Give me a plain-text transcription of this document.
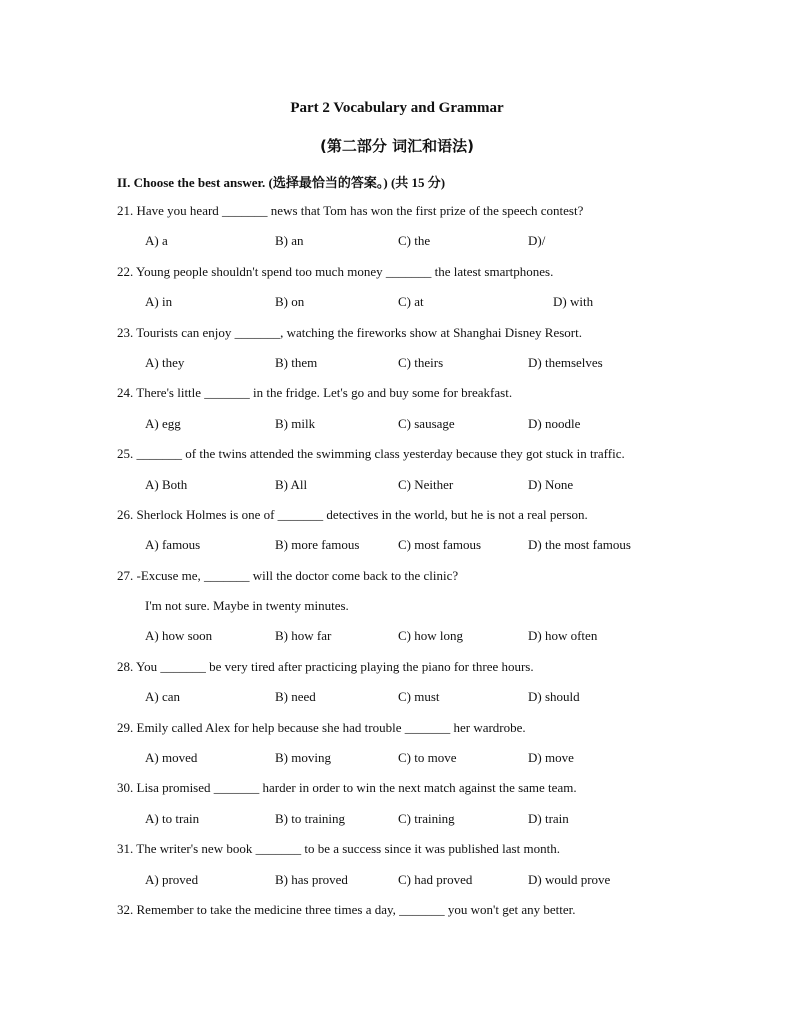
Part 2 Vocabulary and Grammar
(第二部分 词汇和语法)
II. Choose the best answer. (选择最恰当的答案。) (共 15 分)
21. Have you heard _______ news that Tom has won the first prize of the speech contest?
A) a	B) an	C) the	D)/
22. Young people shouldn't spend too much money _______ the latest smartphones.
A) in	B) on	C) at	D) with
23. Tourists can enjoy _______, watching the fireworks show at Shanghai Disney Resort.
A) they	B) them	C) theirs	D) themselves
24. There's little _______ in the fridge. Let's go and buy some for breakfast.
A) egg	B) milk	C) sausage	D) noodle
25. _______ of the twins attended the swimming class yesterday because they got stuck in traffic.
A) Both	B) All	C) Neither	D) None
26. Sherlock Holmes is one of _______ detectives in the world, but he is not a real person.
A) famous	B) more famous	C) most famous	D) the most famous
27. -Excuse me, _______ will the doctor come back to the clinic?
I'm not sure. Maybe in twenty minutes.
A) how soon	B) how far	C) how long	D) how often
28. You _______ be very tired after practicing playing the piano for three hours.
A) can	B) need	C) must	D) should
29. Emily called Alex for help because she had trouble _______ her wardrobe.
A) moved	B) moving	C) to move	D) move
30. Lisa promised _______ harder in order to win the next match against the same team.
A) to train	B) to training	C) training	D) train
31. The writer's new book _______ to be a success since it was published last month.
A) proved	B) has proved	C) had proved	D) would prove
32. Remember to take the medicine three times a day, _______ you won't get any better.
